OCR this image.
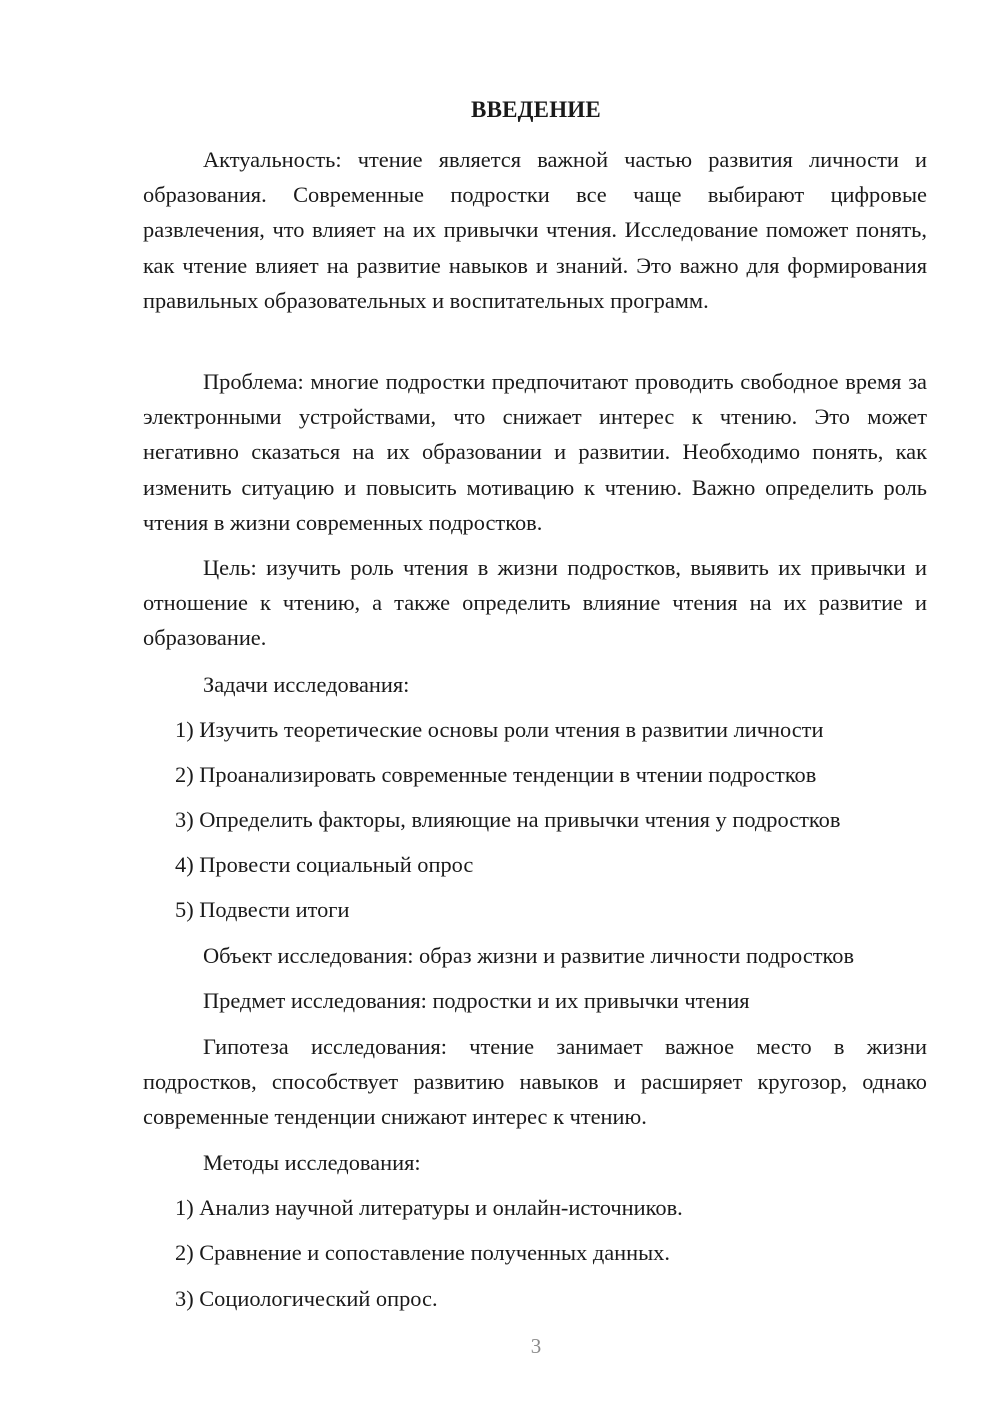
ВВЕДЕНИЕ

Актуальность: чтение является важной частью развития личности и образования. Современные подростки все чаще выбирают цифровые развлечения, что влияет на их привычки чтения. Исследование поможет понять, как чтение влияет на развитие навыков и знаний. Это важно для формирования правильных образовательных и воспитательных программ.

Проблема: многие подростки предпочитают проводить свободное время за электронными устройствами, что снижает интерес к чтению. Это может негативно сказаться на их образовании и развитии. Необходимо понять, как изменить ситуацию и повысить мотивацию к чтению. Важно определить роль чтения в жизни современных подростков.

Цель: изучить роль чтения в жизни подростков, выявить их привычки и отношение к чтению, а также определить влияние чтения на их развитие и образование.

Задачи исследования:

1) Изучить теоретические основы роли чтения в развитии личности

2) Проанализировать современные тенденции в чтении подростков

3) Определить факторы, влияющие на привычки чтения у подростков

4) Провести социальный опрос

5) Подвести итоги

Объект исследования: образ жизни и развитие личности подростков

Предмет исследования: подростки и их привычки чтения

Гипотеза исследования: чтение занимает важное место в жизни подростков, способствует развитию навыков и расширяет кругозор, однако современные тенденции снижают интерес к чтению.

Методы исследования:

1) Анализ научной литературы и онлайн-источников.

2) Сравнение и сопоставление полученных данных.

3) Социологический опрос.

3
